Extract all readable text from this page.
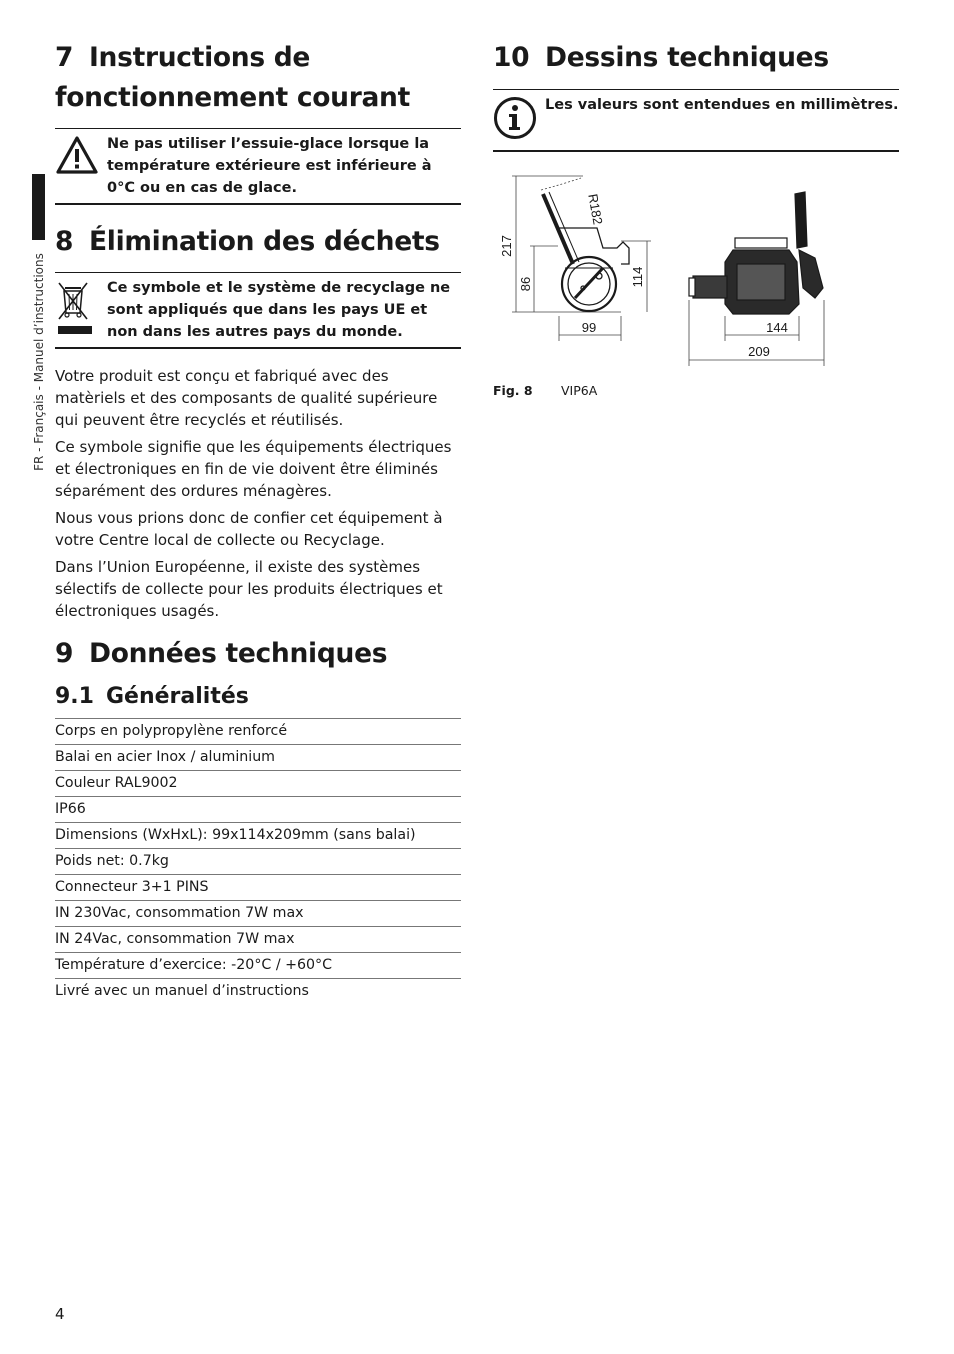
FR - Français - Manuel d’instructions
7 Instructions de
fonctionnement courant
Ne pas utiliser l’essuie-glace lorsque la température extérieure est inférieure à 0°C ou en cas de glace.
8 Élimination des déchets
Ce symbole et le système de recyclage ne sont appliqués que dans les pays UE et non dans les autres pays du monde.

Votre produit est conçu et fabriqué avec des matèriels et des composants de qualité supérieure qui peuvent être recyclés et réutilisés.

Ce symbole signifie que les équipements électriques et électroniques en fin de vie doivent être éliminés séparément des ordures ménagères.

Nous vous prions donc de confier cet équipement à votre Centre local de collecte ou Recyclage.

Dans l’Union Européenne, il existe des systèmes sélectifs de collecte pour les produits électriques et électroniques usagés.

9 Données techniques
9.1 Généralités
Corps en polypropylène renforcé
Balai en acier Inox / aluminium
Couleur RAL9002
IP66
Dimensions (WxHxL): 99x114x209mm (sans balai)
Poids net: 0.7kg
Connecteur 3+1 PINS
IN 230Vac, consommation 7W max
IN 24Vac, consommation 7W max
Température d’exercice: -20°C / +60°C
Livré avec un manuel d’instructions
10 Dessins techniques
Les valeurs sont entendues en millimètres.
217
86	114
99
R182
144
209
Fig. 8 VIP6A
4
